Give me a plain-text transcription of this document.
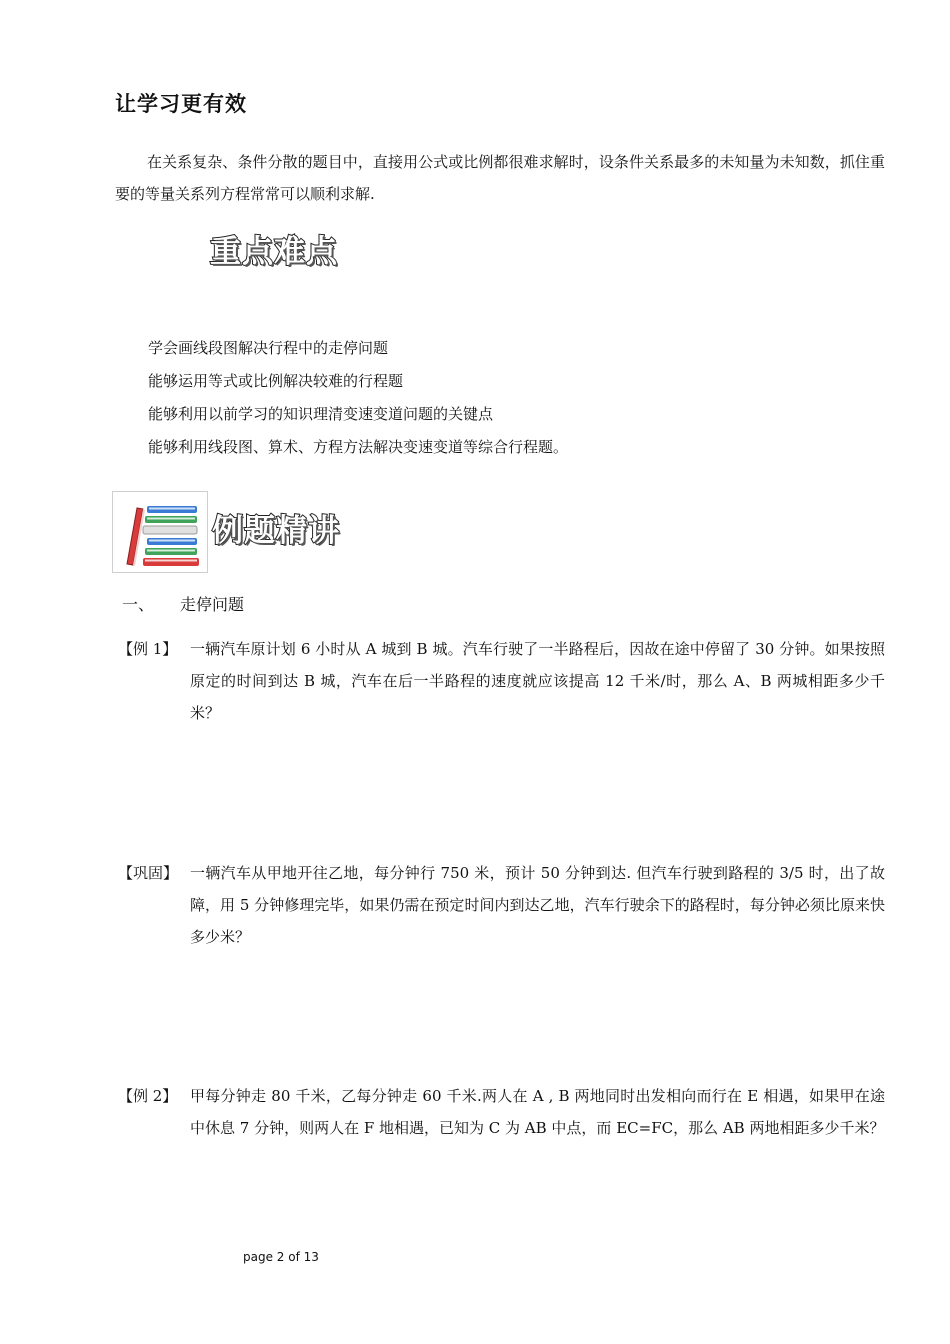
让学习更有效

在关系复杂、条件分散的题目中，直接用公式或比例都很难求解时，设条件关系最多的未知量为未知数，抓住重要的等量关系列方程常常可以顺利求解.

重点难点
学会画线段图解决行程中的走停问题
能够运用等式或比例解决较难的行程题
能够利用以前学习的知识理清变速变道问题的关键点
能够利用线段图、算术、方程方法解决变速变道等综合行程题。
例题精讲
一、 走停问题
【例 1】 一辆汽车原计划 6 小时从 A 城到 B 城。汽车行驶了一半路程后，因故在途中停留了 30 分钟。如果按照原定的时间到达 B 城，汽车在后一半路程的速度就应该提高 12 千米/时，那么 A、B 两城相距多少千米？

【巩固】 一辆汽车从甲地开往乙地，每分钟行 750 米，预计 50 分钟到达. 但汽车行驶到路程的 3/5 时，出了故障，用 5 分钟修理完毕，如果仍需在预定时间内到达乙地，汽车行驶余下的路程时，每分钟必须比原来快多少米？

【例 2】 甲每分钟走 80 千米，乙每分钟走 60 千米.两人在 A , B 两地同时出发相向而行在 E 相遇，如果甲在途中休息 7 分钟，则两人在 F 地相遇，已知为 C 为 AB 中点，而 EC=FC，那么 AB 两地相距多少千米？

page 2 of 13
